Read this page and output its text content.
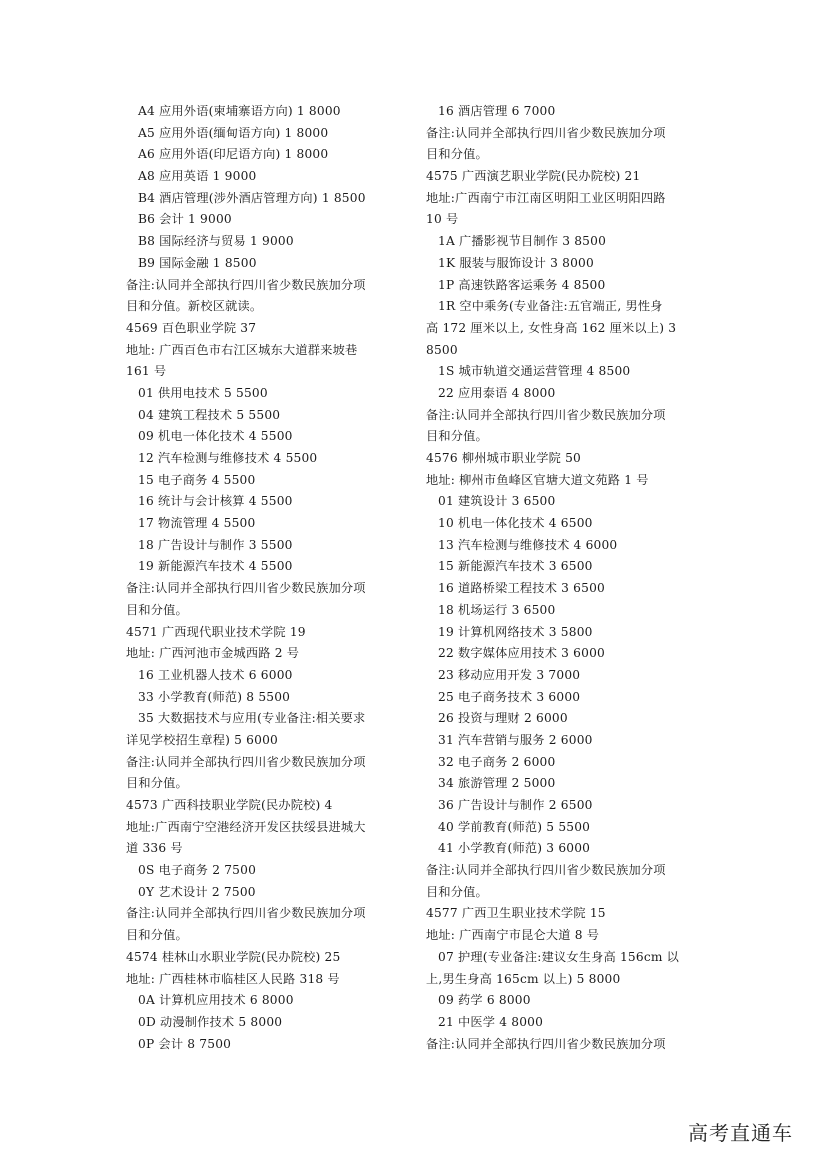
A4 应用外语(柬埔寨语方向) 1 8000
A5 应用外语(缅甸语方向) 1 8000
A6 应用外语(印尼语方向) 1 8000
A8 应用英语 1 9000
B4 酒店管理(涉外酒店管理方向) 1 8500
B6 会计 1 9000
B8 国际经济与贸易 1 9000
B9 国际金融 1 8500
备注:认同并全部执行四川省少数民族加分项
目和分值。新校区就读。
4569 百色职业学院 37
地址: 广西百色市右江区城东大道群来坡巷
161 号
01 供用电技术 5 5500
04 建筑工程技术 5 5500
09 机电一体化技术 4 5500
12 汽车检测与维修技术 4 5500
15 电子商务 4 5500
16 统计与会计核算 4 5500
17 物流管理 4 5500
18 广告设计与制作 3 5500
19 新能源汽车技术 4 5500
备注:认同并全部执行四川省少数民族加分项
目和分值。
4571 广西现代职业技术学院 19
地址: 广西河池市金城西路 2 号
16 工业机器人技术 6 6000
33 小学教育(师范) 8 5500
35 大数据技术与应用(专业备注:相关要求
详见学校招生章程) 5 6000
备注:认同并全部执行四川省少数民族加分项
目和分值。
4573 广西科技职业学院(民办院校) 4
地址:广西南宁空港经济开发区扶绥县进城大
道 336 号
0S 电子商务 2 7500
0Y 艺术设计 2 7500
备注:认同并全部执行四川省少数民族加分项
目和分值。
4574 桂林山水职业学院(民办院校) 25
地址: 广西桂林市临桂区人民路 318 号
0A 计算机应用技术 6 8000
0D 动漫制作技术 5 8000
0P 会计 8 7500
16 酒店管理 6 7000
备注:认同并全部执行四川省少数民族加分项
目和分值。
4575 广西演艺职业学院(民办院校) 21
地址:广西南宁市江南区明阳工业区明阳四路
10 号
1A 广播影视节目制作 3 8500
1K 服装与服饰设计 3 8000
1P 高速铁路客运乘务 4 8500
1R 空中乘务(专业备注:五官端正, 男性身
高 172 厘米以上, 女性身高 162 厘米以上) 3
8500
1S 城市轨道交通运营管理 4 8500
22 应用泰语 4 8000
备注:认同并全部执行四川省少数民族加分项
目和分值。
4576 柳州城市职业学院 50
地址: 柳州市鱼峰区官塘大道文苑路 1 号
01 建筑设计 3 6500
10 机电一体化技术 4 6500
13 汽车检测与维修技术 4 6000
15 新能源汽车技术 3 6500
16 道路桥梁工程技术 3 6500
18 机场运行 3 6500
19 计算机网络技术 3 5800
22 数字媒体应用技术 3 6000
23 移动应用开发 3 7000
25 电子商务技术 3 6000
26 投资与理财 2 6000
31 汽车营销与服务 2 6000
32 电子商务 2 6000
34 旅游管理 2 5000
36 广告设计与制作 2 6500
40 学前教育(师范) 5 5500
41 小学教育(师范) 3 6000
备注:认同并全部执行四川省少数民族加分项
目和分值。
4577 广西卫生职业技术学院 15
地址: 广西南宁市昆仑大道 8 号
07 护理(专业备注:建议女生身高 156cm 以
上,男生身高 165cm 以上) 5 8000
09 药学 6 8000
21 中医学 4 8000
备注:认同并全部执行四川省少数民族加分项
高考直通车
